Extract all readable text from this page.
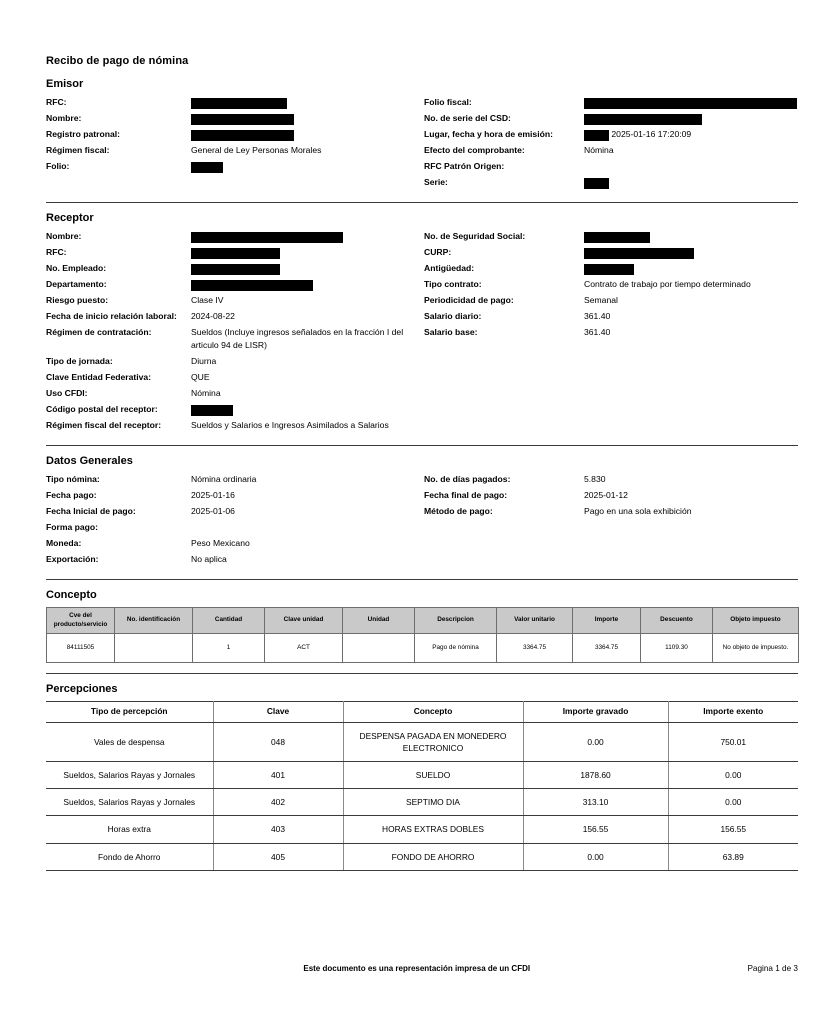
Recibo de pago de nómina
Emisor
RFC:
Nombre:
Registro patronal:
Régimen fiscal:	General de Ley Personas Morales
Folio:
Folio fiscal:
No. de serie del CSD:
Lugar, fecha y hora de emisión:	2025-01-16 17:20:09
Efecto del comprobante:	Nómina
RFC Patrón Origen:
Serie:
Receptor
Nombre:
RFC:
No. Empleado:
Departamento:
Riesgo puesto:	Clase IV
Fecha de inicio relación laboral:	2024-08-22
Régimen de contratación:	Sueldos (Incluye ingresos señalados en la fracción I del articulo 94 de LISR)
Tipo de jornada:	Diurna
Clave Entidad Federativa:	QUE
Uso CFDI:	Nómina
Código postal del receptor:
Régimen fiscal del receptor:	Sueldos y Salarios e Ingresos Asimilados a Salarios
No. de Seguridad Social:
CURP:
Antigüedad:
Tipo contrato:	Contrato de trabajo por tiempo determinado
Periodicidad de pago:	Semanal
Salario diario:	361.40
Salario base:	361.40
Datos Generales
Tipo nómina:	Nómina ordinaria
Fecha pago:	2025-01-16
Fecha Inicial de pago:	2025-01-06
Forma pago:
Moneda:	Peso Mexicano
Exportación:	No aplica
No. de días pagados:	5.830
Fecha final de pago:	2025-01-12
Método de pago:	Pago en una sola exhibición
Concepto
Cve del producto/servicio	No. identificación	Cantidad	Clave unidad	Unidad	Descripcion	Valor unitario	Importe	Descuento	Objeto impuesto
84111505		1	ACT		Pago de nómina	3364.75	3364.75	1109.30	No objeto de impuesto.
Percepciones
Tipo de percepción	Clave	Concepto	Importe gravado	Importe exento
Vales de despensa	048	DESPENSA PAGADA EN MONEDERO ELECTRONICO	0.00	750.01
Sueldos, Salarios Rayas y Jornales	401	SUELDO	1878.60	0.00
Sueldos, Salarios Rayas y Jornales	402	SEPTIMO DIA	313.10	0.00
Horas extra	403	HORAS EXTRAS DOBLES	156.55	156.55
Fondo de Ahorro	405	FONDO DE AHORRO	0.00	63.89
Este documento es una representación impresa de un CFDI	Pagina 1 de 3
